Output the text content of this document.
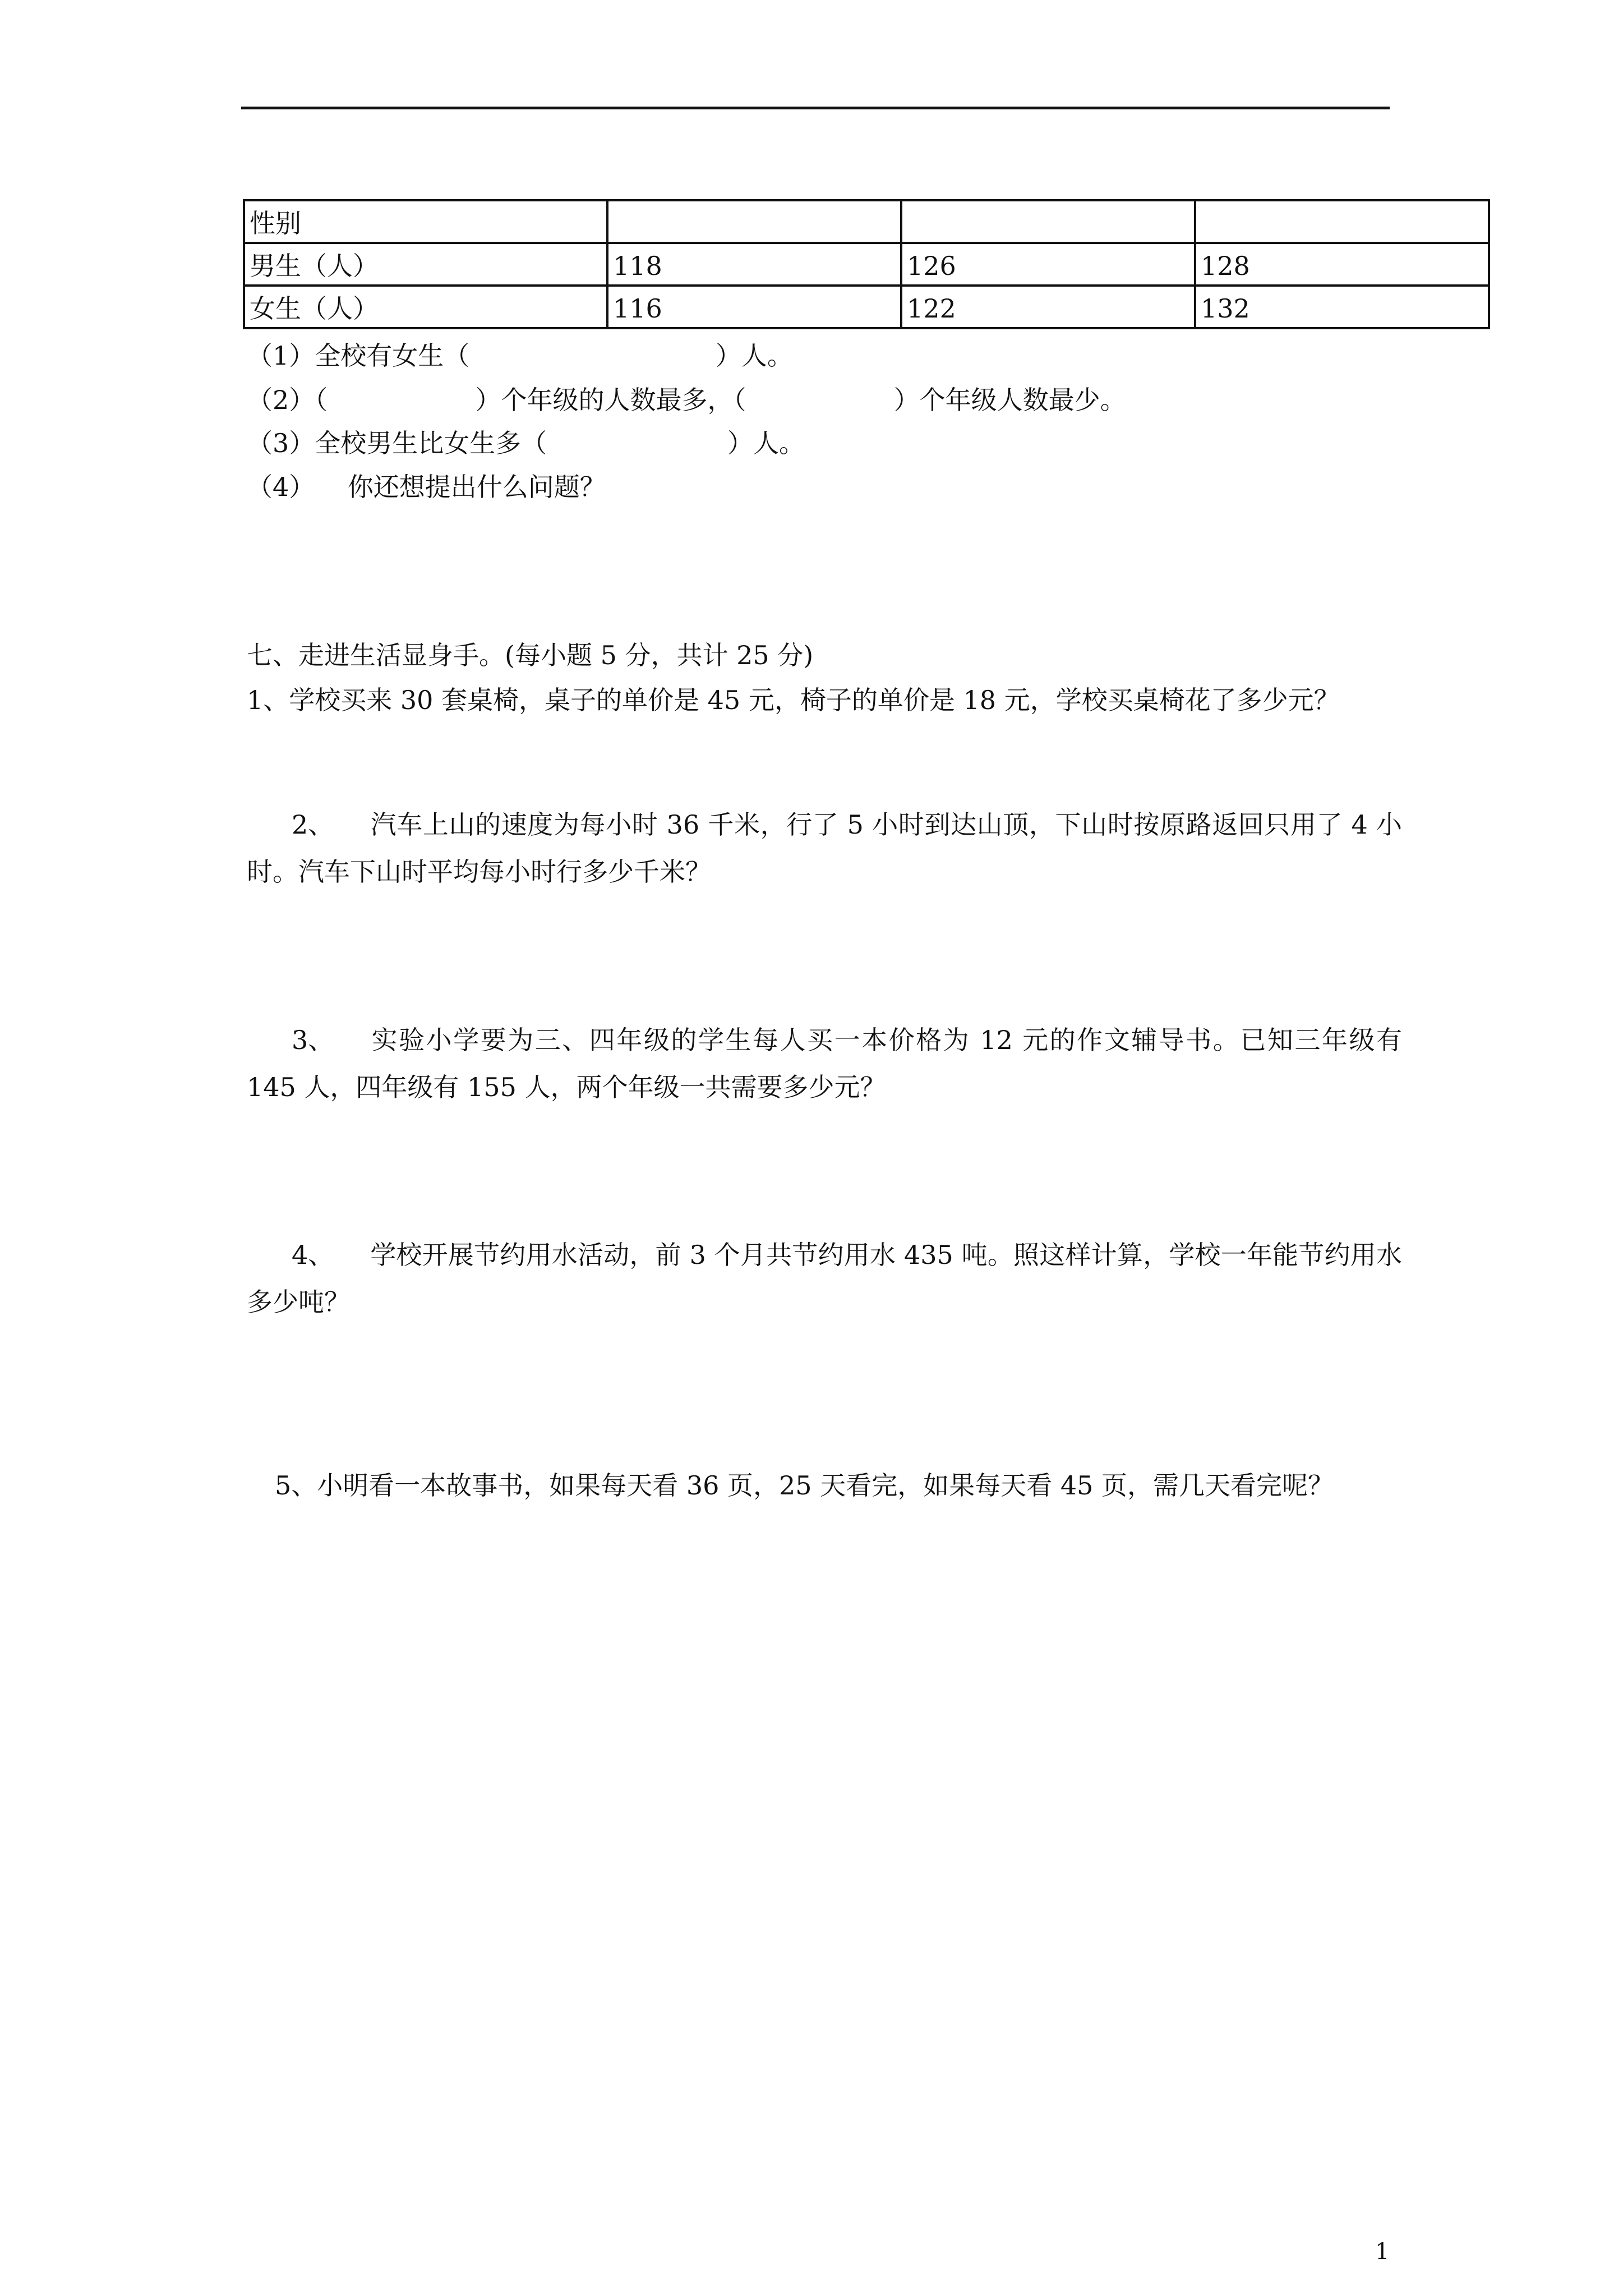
性别			
男生（人）	118	126	128
女生（人）	116	122	132

（1）全校有女生（                              ）人。

（2）（                  ）个年级的人数最多，（                  ）个年级人数最少。

（3）全校男生比女生多（                      ）人。

（4）    你还想提出什么问题？

七、走进生活显身手。(每小题 5 分，共计 25 分)

1、学校买来 30 套桌椅，桌子的单价是 45 元，椅子的单价是 18 元，学校买桌椅花了多少元？

2、 汽车上山的速度为每小时 36 千米，行了 5 小时到达山顶，下山时按原路返回只用了 4 小时。汽车下山时平均每小时行多少千米？

3、 实验小学要为三、四年级的学生每人买一本价格为 12 元的作文辅导书。已知三年级有 145 人，四年级有 155 人，两个年级一共需要多少元？

4、 学校开展节约用水活动，前 3 个月共节约用水 435 吨。照这样计算，学校一年能节约用水多少吨？

5、小明看一本故事书，如果每天看 36 页，25 天看完，如果每天看 45 页，需几天看完呢？

1
